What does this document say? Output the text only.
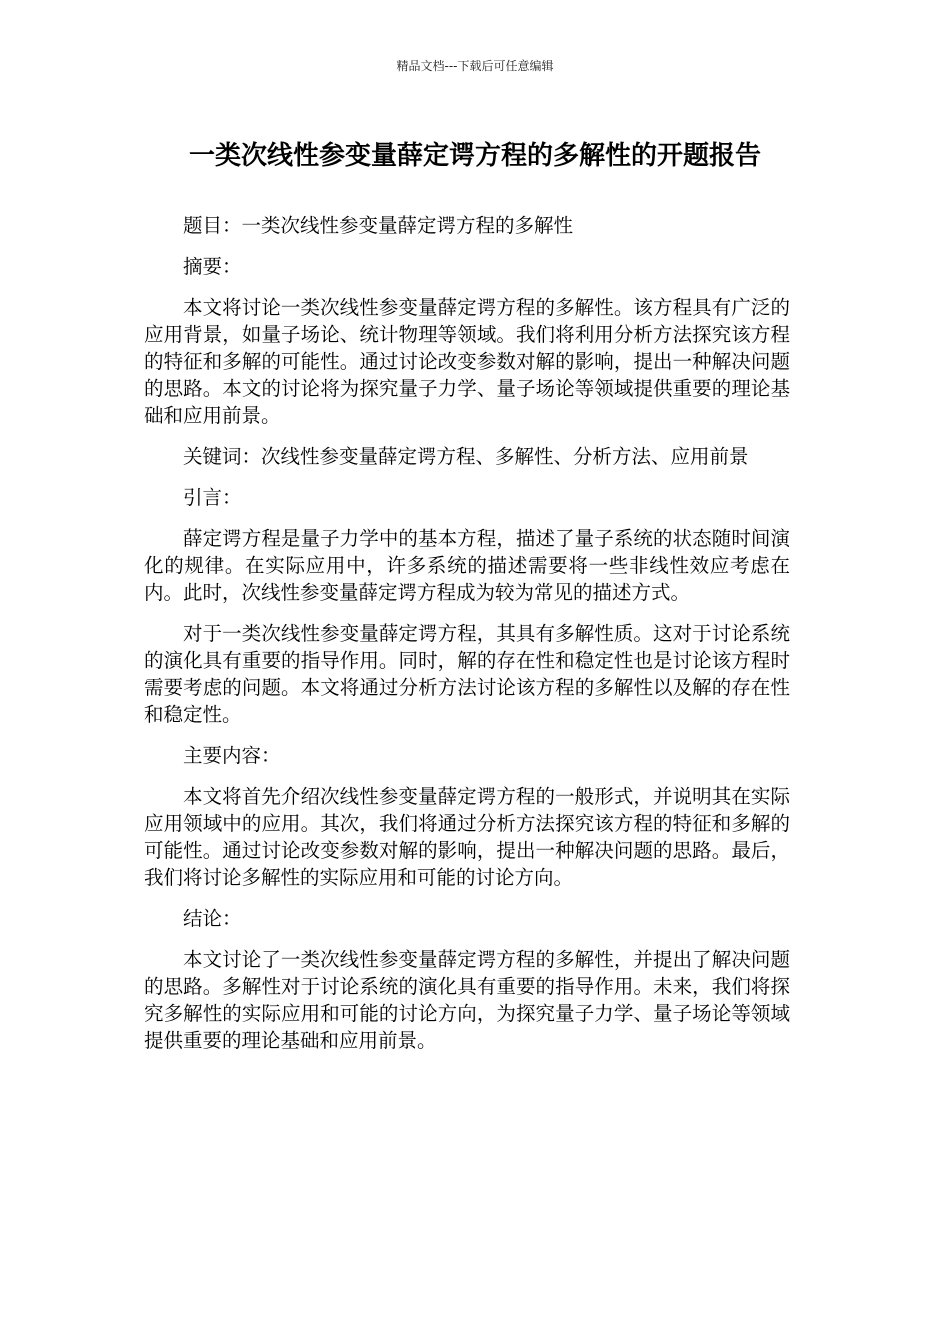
精品文档---下载后可任意编辑
一类次线性参变量薛定谔方程的多解性的开题报告

题目：一类次线性参变量薛定谔方程的多解性

摘要：

本文将讨论一类次线性参变量薛定谔方程的多解性。该方程具有广泛的应用背景，如量子场论、统计物理等领域。我们将利用分析方法探究该方程的特征和多解的可能性。通过讨论改变参数对解的影响，提出一种解决问题的思路。本文的讨论将为探究量子力学、量子场论等领域提供重要的理论基础和应用前景。

关键词：次线性参变量薛定谔方程、多解性、分析方法、应用前景

引言：

薛定谔方程是量子力学中的基本方程，描述了量子系统的状态随时间演化的规律。在实际应用中，许多系统的描述需要将一些非线性效应考虑在内。此时，次线性参变量薛定谔方程成为较为常见的描述方式。

对于一类次线性参变量薛定谔方程，其具有多解性质。这对于讨论系统的演化具有重要的指导作用。同时，解的存在性和稳定性也是讨论该方程时需要考虑的问题。本文将通过分析方法讨论该方程的多解性以及解的存在性和稳定性。

主要内容：

本文将首先介绍次线性参变量薛定谔方程的一般形式，并说明其在实际应用领域中的应用。其次，我们将通过分析方法探究该方程的特征和多解的可能性。通过讨论改变参数对解的影响，提出一种解决问题的思路。最后，我们将讨论多解性的实际应用和可能的讨论方向。

结论：

本文讨论了一类次线性参变量薛定谔方程的多解性，并提出了解决问题的思路。多解性对于讨论系统的演化具有重要的指导作用。未来，我们将探究多解性的实际应用和可能的讨论方向，为探究量子力学、量子场论等领域提供重要的理论基础和应用前景。
